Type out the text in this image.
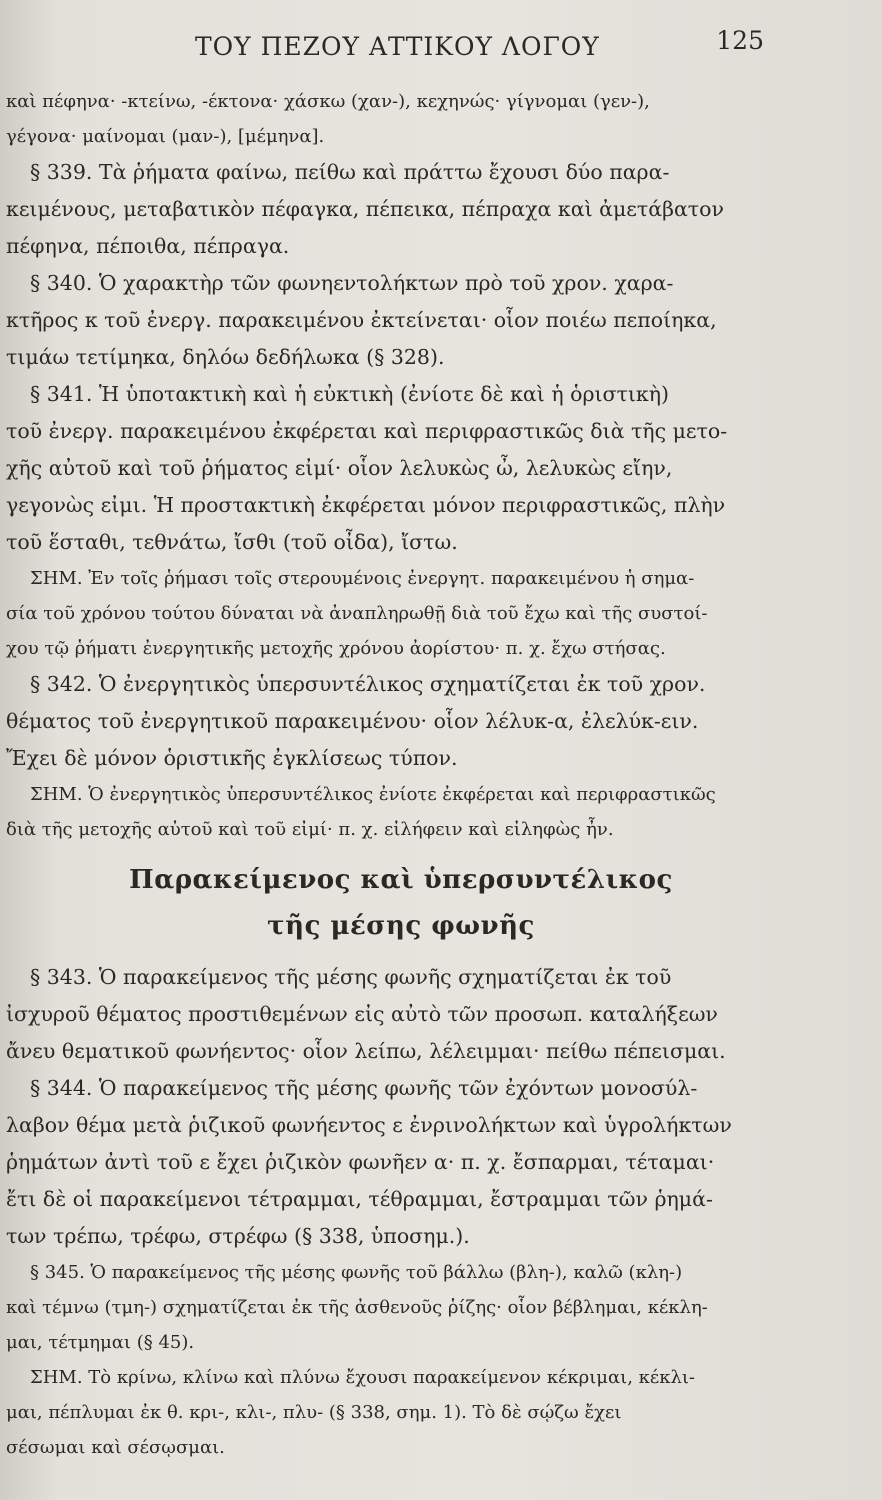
ΤΟΥ ΠΕΖΟΥ ΑΤΤΙΚΟΥ ΛΟΓΟΥ	125
καὶ πέφηνα· -κτείνω, -έκτονα· χάσκω (χαν-), κεχηνώς· γίγνομαι (γεν-),
γέγονα· μαίνομαι (μαν-), [μέμηνα].
§ 339. Τὰ ῥήματα φαίνω, πείθω καὶ πράττω ἔχουσι δύο παρα-
κειμένους, μεταβατικὸν πέφαγκα, πέπεικα, πέπραχα καὶ ἀμετάβατον
πέφηνα, πέποιθα, πέπραγα.
§ 340. Ὁ χαρακτὴρ τῶν φωνηεντολήκτων πρὸ τοῦ χρον. χαρα-
κτῆρος κ τοῦ ἐνεργ. παρακειμένου ἐκτείνεται· οἷον ποιέω πεποίηκα,
τιμάω τετίμηκα, δηλόω δεδήλωκα (§ 328).
§ 341. Ἡ ὑποτακτικὴ καὶ ἡ εὐκτικὴ (ἐνίοτε δὲ καὶ ἡ ὁριστικὴ)
τοῦ ἐνεργ. παρακειμένου ἐκφέρεται καὶ περιφραστικῶς διὰ τῆς μετο-
χῆς αὐτοῦ καὶ τοῦ ῥήματος εἰμί· οἷον λελυκὼς ὦ, λελυκὼς εἴην,
γεγονὼς εἰμι. Ἡ προστακτικὴ ἐκφέρεται μόνον περιφραστικῶς, πλὴν
τοῦ ἕσταθι, τεθνάτω, ἴσθι (τοῦ οἶδα), ἴστω.
ΣΗΜ. Ἐν τοῖς ῥήμασι τοῖς στερουμένοις ἐνεργητ. παρακειμένου ἡ σημα-
σία τοῦ χρόνου τούτου δύναται νὰ ἀναπληρωθῇ διὰ τοῦ ἔχω καὶ τῆς συστοί-
χου τῷ ῥήματι ἐνεργητικῆς μετοχῆς χρόνου ἀορίστου· π. χ. ἔχω στήσας.
§ 342. Ὁ ἐνεργητικὸς ὑπερσυντέλικος σχηματίζεται ἐκ τοῦ χρον.
θέματος τοῦ ἐνεργητικοῦ παρακειμένου· οἷον λέλυκ-α, ἐλελύκ-ειν.
Ἔχει δὲ μόνον ὁριστικῆς ἐγκλίσεως τύπον.
ΣΗΜ. Ὁ ἐνεργητικὸς ὑπερσυντέλικος ἐνίοτε ἐκφέρεται καὶ περιφραστικῶς
διὰ τῆς μετοχῆς αὐτοῦ καὶ τοῦ εἰμί· π. χ. εἰλήφειν καὶ εἰληφὼς ἦν.
Παρακείμενος καὶ ὑπερσυντέλικος
τῆς μέσης φωνῆς
§ 343. Ὁ παρακείμενος τῆς μέσης φωνῆς σχηματίζεται ἐκ τοῦ
ἰσχυροῦ θέματος προστιθεμένων εἰς αὐτὸ τῶν προσωπ. καταλήξεων
ἄνευ θεματικοῦ φωνήεντος· οἷον λείπω, λέλειμμαι· πείθω πέπεισμαι.
§ 344. Ὁ παρακείμενος τῆς μέσης φωνῆς τῶν ἐχόντων μονοσύλ-
λαβον θέμα μετὰ ῥιζικοῦ φωνήεντος ε ἐνρινολήκτων καὶ ὑγρολήκτων
ῥημάτων ἀντὶ τοῦ ε ἔχει ῥιζικὸν φωνῆεν α· π. χ. ἔσπαρμαι, τέταμαι·
ἔτι δὲ οἱ παρακείμενοι τέτραμμαι, τέθραμμαι, ἔστραμμαι τῶν ῥημά-
των τρέπω, τρέφω, στρέφω (§ 338, ὑποσημ.).
§ 345. Ὁ παρακείμενος τῆς μέσης φωνῆς τοῦ βάλλω (βλη-), καλῶ (κλη-)
καὶ τέμνω (τμη-) σχηματίζεται ἐκ τῆς ἀσθενοῦς ῥίζης· οἷον βέβλημαι, κέκλη-
μαι, τέτμημαι (§ 45).
ΣΗΜ. Τὸ κρίνω, κλίνω καὶ πλύνω ἔχουσι παρακείμενον κέκριμαι, κέκλι-
μαι, πέπλυμαι ἐκ θ. κρι-, κλι-, πλυ- (§ 338, σημ. 1). Τὸ δὲ σῴζω ἔχει
σέσωμαι καὶ σέσῳσμαι.
